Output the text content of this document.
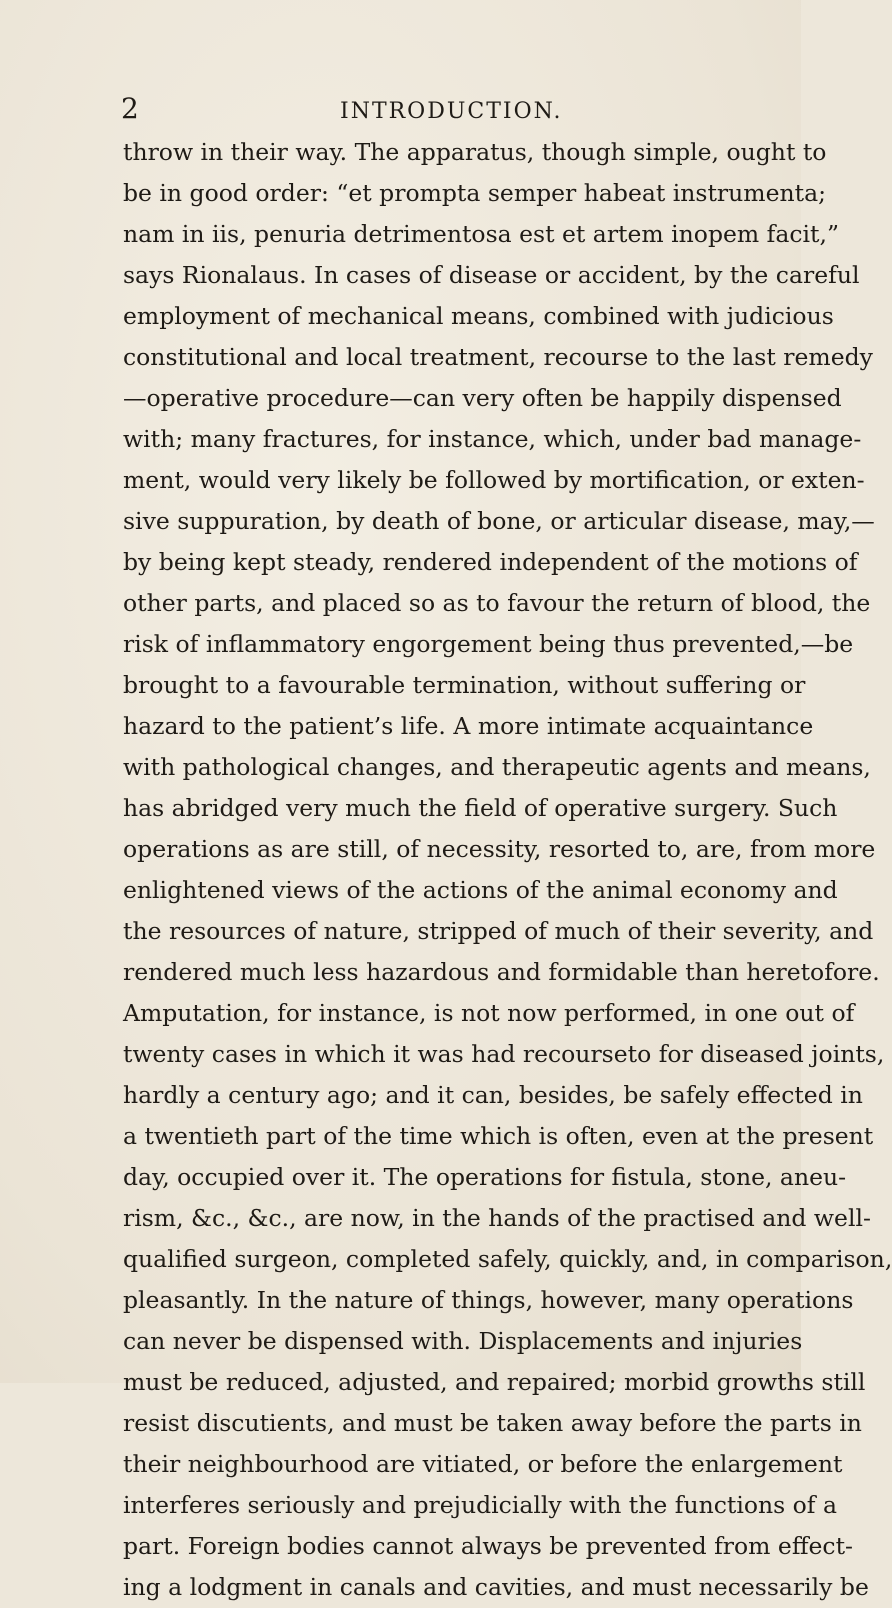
2	INTRODUCTION.
throw in their way. The apparatus, though simple, ought to
be in good order: “et prompta semper habeat instrumenta;
nam in iis, penuria detrimentosa est et artem inopem facit,”
says Rionalaus. In cases of disease or accident, by the careful
employment of mechanical means, combined with judicious
constitutional and local treatment, recourse to the last remedy
—operative procedure—can very often be happily dispensed
with; many fractures, for instance, which, under bad manage-
ment, would very likely be followed by mortification, or exten-
sive suppuration, by death of bone, or articular disease, may,—
by being kept steady, rendered independent of the motions of
other parts, and placed so as to favour the return of blood, the
risk of inflammatory engorgement being thus prevented,—be
brought to a favourable termination, without suffering or
hazard to the patient’s life. A more intimate acquaintance
with pathological changes, and therapeutic agents and means,
has abridged very much the field of operative surgery. Such
operations as are still, of necessity, resorted to, are, from more
enlightened views of the actions of the animal economy and
the resources of nature, stripped of much of their severity, and
rendered much less hazardous and formidable than heretofore.
Amputation, for instance, is not now performed, in one out of
twenty cases in which it was had recourseto for diseased joints,
hardly a century ago; and it can, besides, be safely effected in
a twentieth part of the time which is often, even at the present
day, occupied over it. The operations for fistula, stone, aneu-
rism, &c., &c., are now, in the hands of the practised and well-
qualified surgeon, completed safely, quickly, and, in comparison,
pleasantly. In the nature of things, however, many operations
can never be dispensed with. Displacements and injuries
must be reduced, adjusted, and repaired; morbid growths still
resist discutients, and must be taken away before the parts in
their neighbourhood are vitiated, or before the enlargement
interferes seriously and prejudicially with the functions of a
part. Foreign bodies cannot always be prevented from effect-
ing a lodgment in canals and cavities, and must necessarily be
